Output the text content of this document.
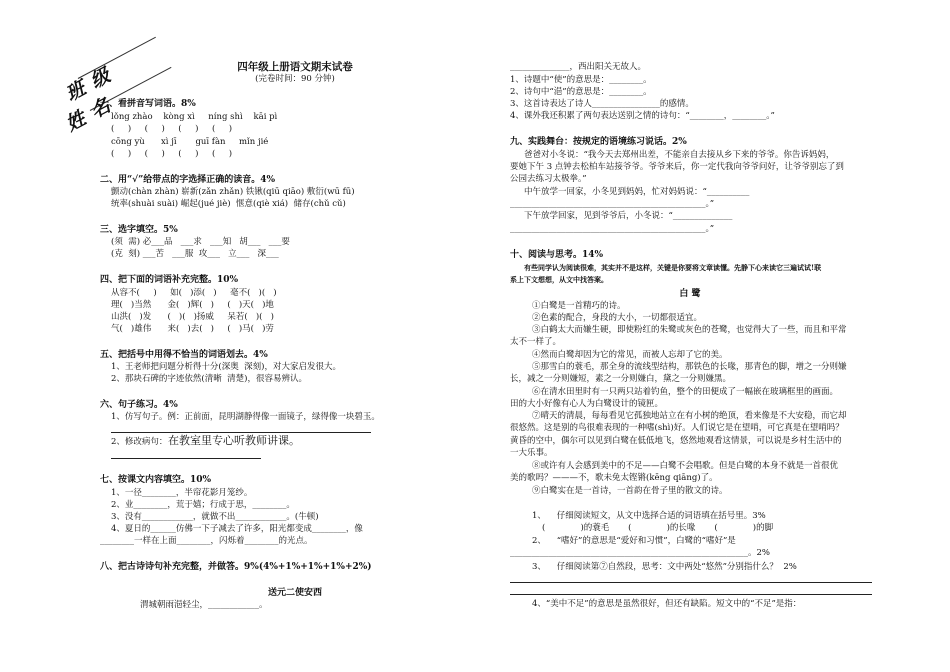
班 级
姓 名
四年级上册语文期末试卷
(完卷时间：90 分钟)
一、看拼音写词语。8%
lǒng zhào    kòng xì     níng shì    kāi pì
(     )     (     )     (     )     (     )
cōng yù      xì jī       guī fàn     mǐn jié
(     )     (     )     (     )     (     )
二、用“√”给带点的字选择正确的读音。4%
颤动(chàn zhàn) 崭新(zǎn zhǎn) 铁锹(qiū qiāo) 敷衍(wū fū)
统率(shuài suài) 崛起(jué jiè)  惬意(qiè xiá)  储存(chǔ cǔ)
三、选字填空。5%
(须  需) 必___品   ___求   ___知   胡___   ___要
(克  刻) ___苦   ___服  攻___   立___   深___
四、把下面的词语补充完整。10%
从容不(     )     如(   )添(   )     毫不(   )(   )
理(   )当然      金(   )辉(   )     (   )天(   )地
山洪(   )发      (   )(   )扬威     呆若(   )(   )
气(   )雄伟      来(   )去(   )     (   )马(   )劳
五、把括号中用得不恰当的词语划去。4%
1、王老师把问题分析得十分(深奥  深刻)，对大家启发很大。
2、那块石碑的字迹依然(清晰  清楚)，很容易辨认。
六、句子练习。4%
1、仿写句子。例：正前面，昆明湖静得像一面镜子，绿得像一块碧玉。
2、修改病句： 在教室里专心听教师讲课。
七、按课文内容填空。10%
1、一径________，半帘花影月笼纱。
2、业________，荒于嬉；行成于思，________。
3、没有____________，就做不出____________。(牛顿)
4、夏日的______仿佛一下子减去了许多，阳光都变成________，像
________一样在上面________，闪烁着________的光点。
八、把古诗诗句补充完整，并做答。9%(4%+1%+1%+1%+2%)
送元二使安西
渭城朝雨浥轻尘，____________。
______________，西出阳关无故人。
1、诗题中“使”的意思是：________。
2、诗句中“浥”的意思是：________。
3、这首诗表达了诗人________________的感情。
4、课外我还积累了两句表达送别之情的诗句：“________，________。”
九、实践舞台：按规定的语境练习说话。2%
爸爸对小冬说：“我今天去郑州出差，不能亲自去接从乡下来的爷爷。你告诉妈妈，
要她下午 3 点钟去松柏车站接爷爷。爷爷来后，你一定代我向爷爷问好，让爷爷别忘了到
公园去练习太极拳。”
中午放学一回家，小冬见到妈妈，忙对妈妈说：“__________
______________________________________________。”
下午放学回家，见到爷爷后，小冬说：“______________
______________________________________________。”
十、阅读与思考。14%
有些同学认为阅读很难，其实并不是这样，关键是你要将文章读懂。先静下心来读它三遍试试!联
系上下文想想，从文中找答案。
白 鹭
①白鹭是一首精巧的诗。
②色素的配合，身段的大小，一切都很适宜。
③白鹤太大而嫌生硬，即使粉红的朱鹭或灰色的苍鹭，也觉得大了一些，而且和平常
太不一样了。
④然而白鹭却因为它的常见，而被人忘却了它的美。
⑤那雪白的蓑毛，那全身的流线型结构，那铁色的长喙，那青色的脚，增之一分则嫌
长，减之一分则嫌短，素之一分则嫌白，黛之一分则嫌黑。
⑥在清水田里时有一只两只站着钓鱼，整个的田便成了一幅嵌在玻璃框里的画面。
田的大小好像有心人为白鹭设计的镜匣。
⑦晴天的清晨，每每看见它孤独地站立在有小树的绝顶，看来像是不大安稳，而它却
很悠然。这是别的鸟很难表现的一种嗜(shì)好。人们说它是在望哨，可它真是在望哨吗？
黄昏的空中，偶尔可以见到白鹭在低低地飞，悠然地观看这情景，可以说是乡村生活中的
一大乐事。
⑧或许有人会感到美中的不足——白鹭不会唱歌。但是白鹭的本身不就是一首很优
美的歌吗？———不，歌未免太铿锵(kēng qiāng)了。
⑨白鹭实在是一首诗，一首韵在骨子里的散文的诗。
1、    仔细阅读短文，从文中选择合适的词语填在括号里。3%
(             )的蓑毛       (             )的长喙       (             )的脚
2、    “嗜好”的意思是“爱好和习惯”，白鹭的“嗜好”是
________________________________________________________。2%
3、    仔细阅读第⑦自然段，思考：文中两处“悠然”分别指什么？  2%
4、“美中不足”的意思是虽然很好，但还有缺陷。短文中的“不足”是指：
